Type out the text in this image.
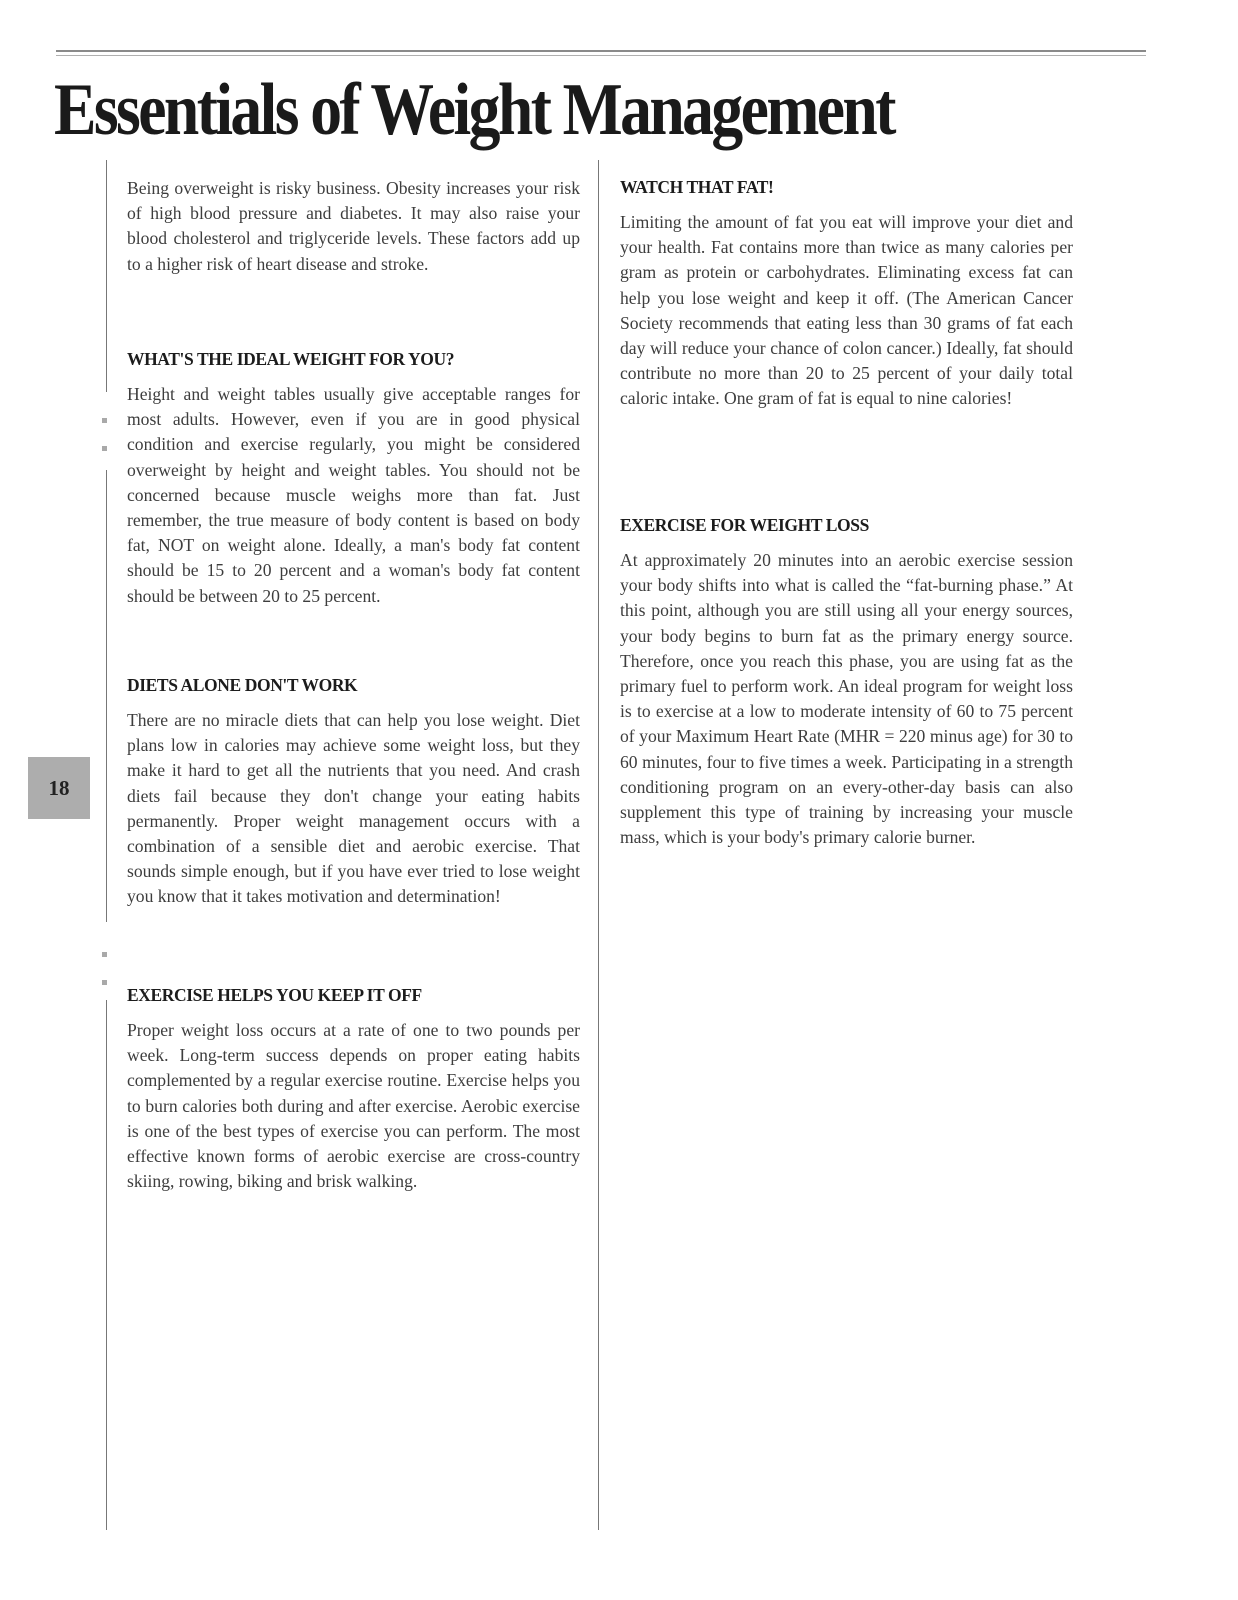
Essentials of Weight Management
18

Being overweight is risky business. Obesity increases your risk of high blood pressure and diabetes. It may also raise your blood cholesterol and triglyceride levels. These factors add up to a higher risk of heart disease and stroke.

WHAT'S THE IDEAL WEIGHT FOR YOU?

Height and weight tables usually give acceptable ranges for most adults. However, even if you are in good physical condition and exercise regularly, you might be considered overweight by height and weight tables. You should not be concerned because muscle weighs more than fat. Just remember, the true measure of body content is based on body fat, NOT on weight alone. Ideally, a man's body fat content should be 15 to 20 percent and a woman's body fat content should be between 20 to 25 percent.

DIETS ALONE DON'T WORK

There are no miracle diets that can help you lose weight. Diet plans low in calories may achieve some weight loss, but they make it hard to get all the nutrients that you need. And crash diets fail because they don't change your eating habits permanently. Proper weight management occurs with a combination of a sensible diet and aerobic exercise. That sounds simple enough, but if you have ever tried to lose weight you know that it takes motivation and determination!

EXERCISE HELPS YOU KEEP IT OFF

Proper weight loss occurs at a rate of one to two pounds per week. Long-term success depends on proper eating habits complemented by a regular exercise routine. Exercise helps you to burn calories both during and after exercise. Aerobic exercise is one of the best types of exercise you can perform. The most effective known forms of aerobic exercise are cross-country skiing, rowing, biking and brisk walking.

WATCH THAT FAT!

Limiting the amount of fat you eat will improve your diet and your health. Fat contains more than twice as many calories per gram as protein or carbohydrates. Eliminating excess fat can help you lose weight and keep it off. (The American Cancer Society recommends that eating less than 30 grams of fat each day will reduce your chance of colon cancer.) Ideally, fat should contribute no more than 20 to 25 percent of your daily total caloric intake. One gram of fat is equal to nine calories!

EXERCISE FOR WEIGHT LOSS

At approximately 20 minutes into an aerobic exercise session your body shifts into what is called the “fat-burning phase.” At this point, although you are still using all your energy sources, your body begins to burn fat as the primary energy source. Therefore, once you reach this phase, you are using fat as the primary fuel to perform work. An ideal program for weight loss is to exercise at a low to moderate intensity of 60 to 75 percent of your Maximum Heart Rate (MHR = 220 minus age) for 30 to 60 minutes, four to five times a week. Participating in a strength conditioning program on an every-other-day basis can also supplement this type of training by increasing your muscle mass, which is your body's primary calorie burner.
